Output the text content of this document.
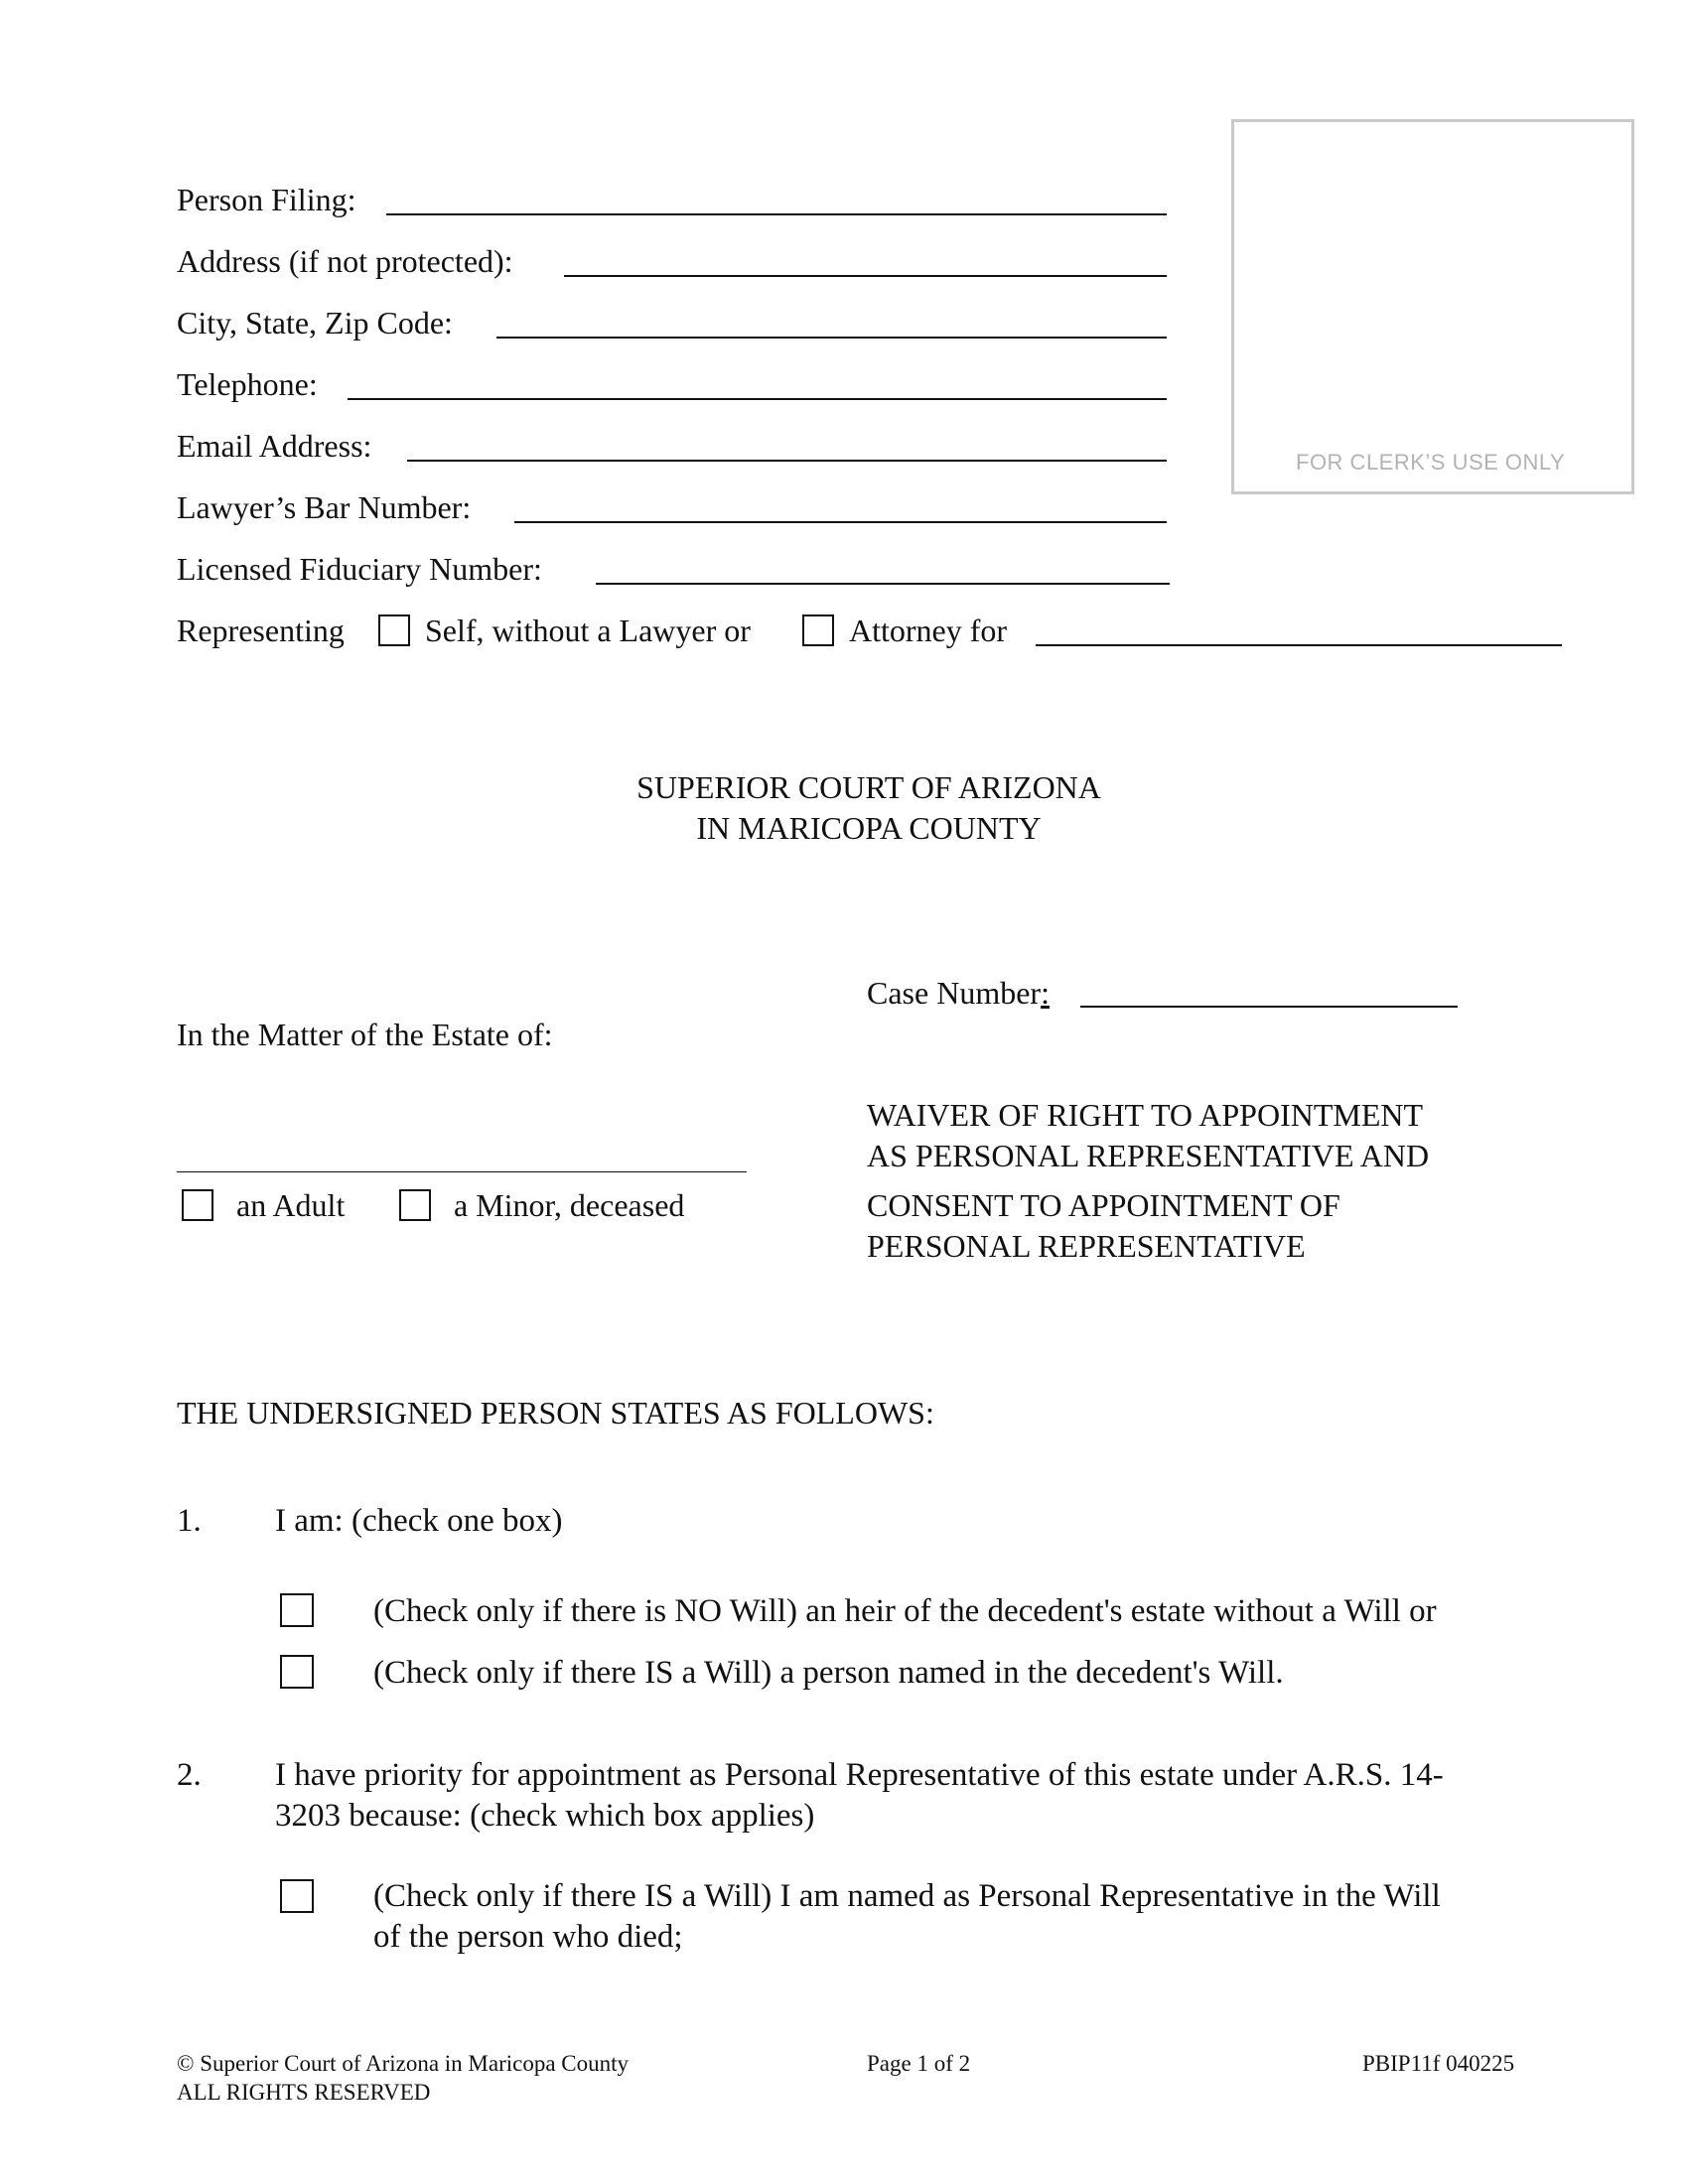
FOR CLERK’S USE ONLY
Person Filing:
Address (if not protected):
City, State, Zip Code:
Telephone:
Email Address:
Lawyer’s Bar Number:
Licensed Fiduciary Number:
Representing	Self, without a Lawyer or	Attorney for
SUPERIOR COURT OF ARIZONA
IN MARICOPA COUNTY
Case Number:
In the Matter of the Estate of:
an Adult	a Minor, deceased
WAIVER OF RIGHT TO APPOINTMENT
AS PERSONAL REPRESENTATIVE AND
CONSENT TO APPOINTMENT OF
PERSONAL REPRESENTATIVE
THE UNDERSIGNED PERSON STATES AS FOLLOWS:
1. I am: (check one box)
(Check only if there is NO Will) an heir of the decedent's estate without a Will or
(Check only if there IS a Will) a person named in the decedent's Will.
2. I have priority for appointment as Personal Representative of this estate under A.R.S. 14-
3203 because: (check which box applies)
(Check only if there IS a Will) I am named as Personal Representative in the Will
of the person who died;
© Superior Court of Arizona in Maricopa County
ALL RIGHTS RESERVED
Page 1 of 2	PBIP11f 040225
